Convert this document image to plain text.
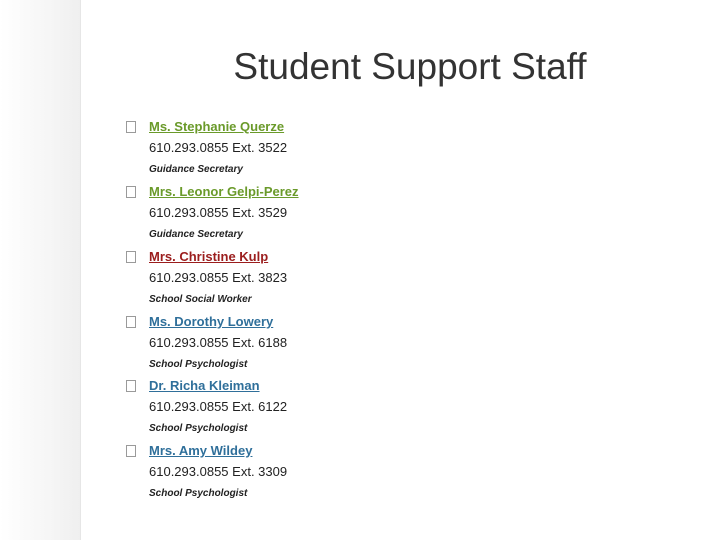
Student Support Staff
Ms. Stephanie Querze
610.293.0855 Ext. 3522
Guidance Secretary
Mrs. Leonor Gelpi-Perez
610.293.0855 Ext. 3529
Guidance Secretary
Mrs. Christine Kulp
610.293.0855 Ext. 3823
School Social Worker
Ms. Dorothy Lowery
610.293.0855 Ext. 6188
School Psychologist
Dr. Richa Kleiman
610.293.0855 Ext. 6122
School Psychologist
Mrs. Amy Wildey
610.293.0855 Ext. 3309
School Psychologist
